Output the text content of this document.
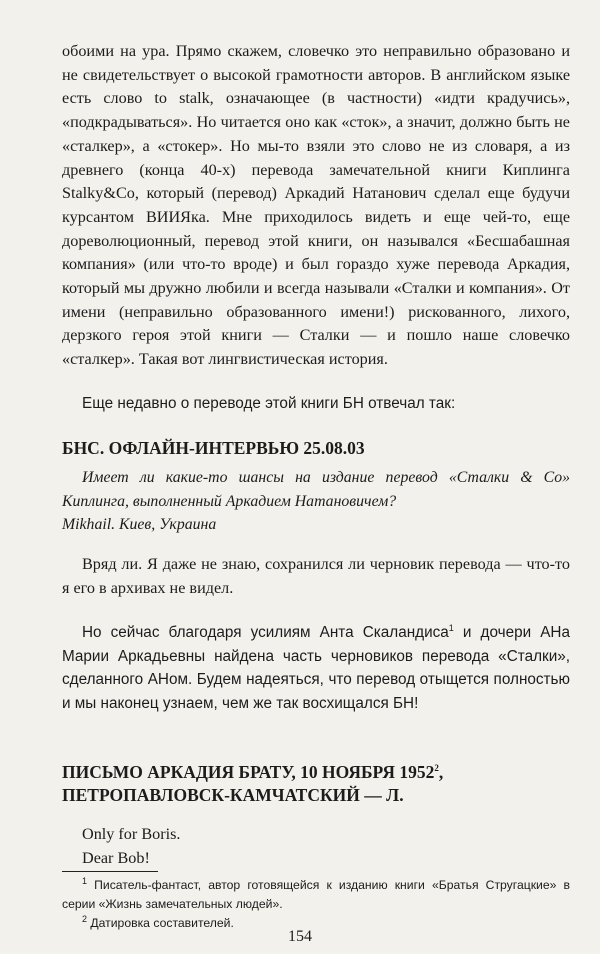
обоими на ура. Прямо скажем, словечко это неправильно образовано и не свидетельствует о высокой грамотности авторов. В английском языке есть слово to stalk, означающее (в частности) «идти крадучись», «подкрадываться». Но читается оно как «сток», а значит, должно быть не «сталкер», а «стокер». Но мы-то взяли это слово не из словаря, а из древнего (конца 40-х) перевода замечательной книги Киплинга Stalky&Co, который (перевод) Аркадий Натанович сделал еще будучи курсантом ВИИЯка. Мне приходилось видеть и еще чей-то, еще дореволюционный, перевод этой книги, он назывался «Бесшабашная компания» (или что-то вроде) и был гораздо хуже перевода Аркадия, который мы дружно любили и всегда называли «Сталки и компания». От имени (неправильно образованного имени!) рискованного, лихого, дерзкого героя этой книги — Сталки — и пошло наше словечко «сталкер». Такая вот лингвистическая история.

Еще недавно о переводе этой книги БН отвечал так:

БНС. ОФЛАЙН-ИНТЕРВЬЮ 25.08.03
Имеет ли какие-то шансы на издание перевод «Сталки & Co» Киплинга, выполненный Аркадием Натановичем?
Mikhail. Киев, Украина

Вряд ли. Я даже не знаю, сохранился ли черновик перевода — что-то я его в архивах не видел.

Но сейчас благодаря усилиям Анта Скаландиса$^1$ и дочери АНа Марии Аркадьевны найдена часть черновиков перевода «Сталки», сделанного АНом. Будем надеяться, что перевод отыщется полностью и мы наконец узнаем, чем же так восхищался БН!

ПИСЬМО АРКАДИЯ БРАТУ, 10 НОЯБРЯ 1952$^2$,
ПЕТРОПАВЛОВСК-КАМЧАТСКИЙ — Л.
Only for Boris.
Dear Bob!

$^1$ Писатель-фантаст, автор готовящейся к изданию книги «Братья Стругацкие» в серии «Жизнь замечательных людей».

$^2$ Датировка составителей.

154
